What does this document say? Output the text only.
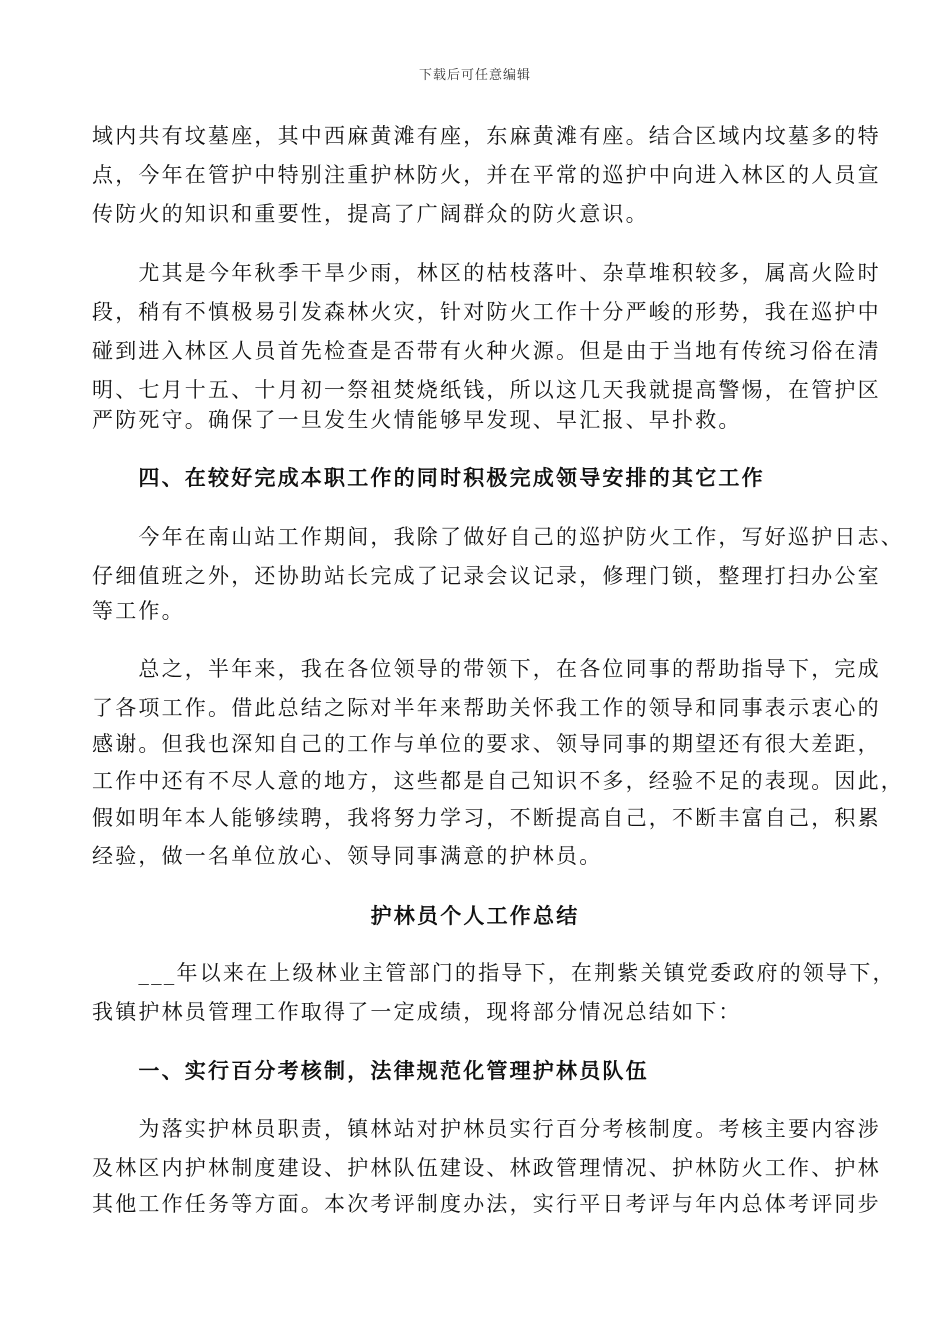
下载后可任意编辑
域内共有坟墓座，其中西麻黄滩有座，东麻黄滩有座。结合区域内坟墓多的特
点，今年在管护中特别注重护林防火，并在平常的巡护中向进入林区的人员宣
传防火的知识和重要性，提高了广阔群众的防火意识。
　　尤其是今年秋季干旱少雨，林区的枯枝落叶、杂草堆积较多，属高火险时
段，稍有不慎极易引发森林火灾，针对防火工作十分严峻的形势，我在巡护中
碰到进入林区人员首先检查是否带有火种火源。但是由于当地有传统习俗在清
明、七月十五、十月初一祭祖焚烧纸钱，所以这几天我就提高警惕，在管护区
严防死守。确保了一旦发生火情能够早发现、早汇报、早扑救。
　　四、在较好完成本职工作的同时积极完成领导安排的其它工作
　　今年在南山站工作期间，我除了做好自己的巡护防火工作，写好巡护日志、
仔细值班之外，还协助站长完成了记录会议记录，修理门锁，整理打扫办公室
等工作。
　　总之，半年来，我在各位领导的带领下，在各位同事的帮助指导下，完成
了各项工作。借此总结之际对半年来帮助关怀我工作的领导和同事表示衷心的
感谢。但我也深知自己的工作与单位的要求、领导同事的期望还有很大差距，
工作中还有不尽人意的地方，这些都是自己知识不多，经验不足的表现。因此，
假如明年本人能够续聘，我将努力学习，不断提高自己，不断丰富自己，积累
经验，做一名单位放心、领导同事满意的护林员。
护林员个人工作总结
　　___年以来在上级林业主管部门的指导下，在荆紫关镇党委政府的领导下，
我镇护林员管理工作取得了一定成绩，现将部分情况总结如下：
　　一、实行百分考核制，法律规范化管理护林员队伍
　　为落实护林员职责，镇林站对护林员实行百分考核制度。考核主要内容涉
及林区内护林制度建设、护林队伍建设、林政管理情况、护林防火工作、护林
其他工作任务等方面。本次考评制度办法，实行平日考评与年内总体考评同步
